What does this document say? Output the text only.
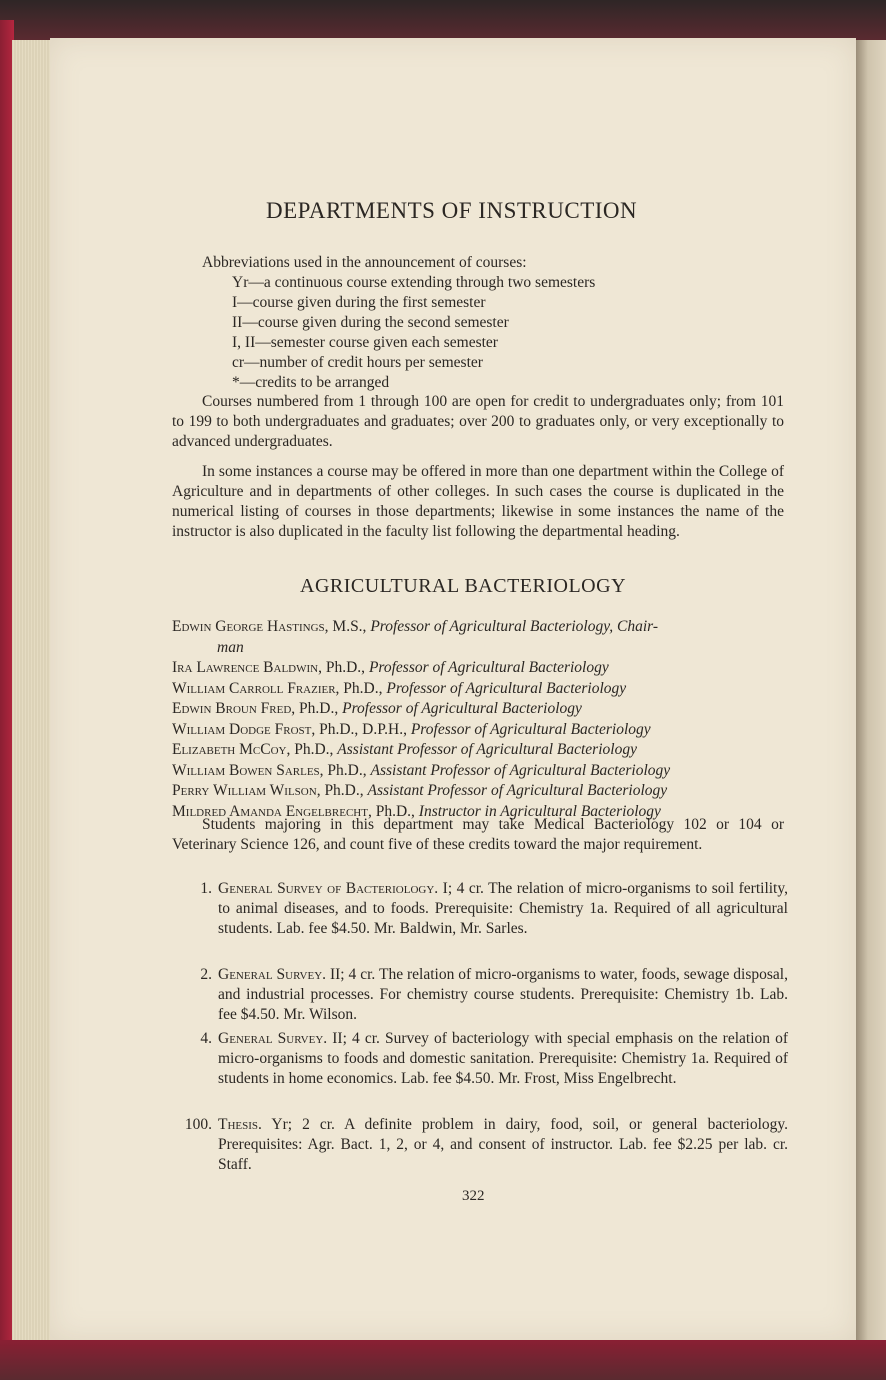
DEPARTMENTS OF INSTRUCTION
Abbreviations used in the announcement of courses:
Yr—a continuous course extending through two semesters
I—course given during the first semester
II—course given during the second semester
I, II—semester course given each semester
cr—number of credit hours per semester
*—credits to be arranged

Courses numbered from 1 through 100 are open for credit to undergraduates only; from 101 to 199 to both undergraduates and graduates; over 200 to graduates only, or very exceptionally to advanced undergraduates.

In some instances a course may be offered in more than one department within the College of Agriculture and in departments of other colleges. In such cases the course is duplicated in the numerical listing of courses in those departments; likewise in some instances the name of the instructor is also duplicated in the faculty list following the departmental heading.

AGRICULTURAL BACTERIOLOGY
Edwin George Hastings, M.S., Professor of Agricultural Bacteriology, Chair-
man
Ira Lawrence Baldwin, Ph.D., Professor of Agricultural Bacteriology
William Carroll Frazier, Ph.D., Professor of Agricultural Bacteriology
Edwin Broun Fred, Ph.D., Professor of Agricultural Bacteriology
William Dodge Frost, Ph.D., D.P.H., Professor of Agricultural Bacteriology
Elizabeth McCoy, Ph.D., Assistant Professor of Agricultural Bacteriology
William Bowen Sarles, Ph.D., Assistant Professor of Agricultural Bacteriology
Perry William Wilson, Ph.D., Assistant Professor of Agricultural Bacteriology
Mildred Amanda Engelbrecht, Ph.D., Instructor in Agricultural Bacteriology

Students majoring in this department may take Medical Bacteriology 102 or 104 or Veterinary Science 126, and count five of these credits toward the major requirement.

1. General Survey of Bacteriology. I; 4 cr. The relation of micro-organisms to soil fertility, to animal diseases, and to foods. Prerequisite: Chemistry 1a. Required of all agricultural students. Lab. fee $4.50. Mr. Baldwin, Mr. Sarles.
2. General Survey. II; 4 cr. The relation of micro-organisms to water, foods, sewage disposal, and industrial processes. For chemistry course students. Prerequisite: Chemistry 1b. Lab. fee $4.50. Mr. Wilson.
4. General Survey. II; 4 cr. Survey of bacteriology with special emphasis on the relation of micro-organisms to foods and domestic sanitation. Prerequisite: Chemistry 1a. Required of students in home economics. Lab. fee $4.50. Mr. Frost, Miss Engelbrecht.
100. Thesis. Yr; 2 cr. A definite problem in dairy, food, soil, or general bacteriology. Prerequisites: Agr. Bact. 1, 2, or 4, and consent of instructor. Lab. fee $2.25 per lab. cr. Staff.
322
